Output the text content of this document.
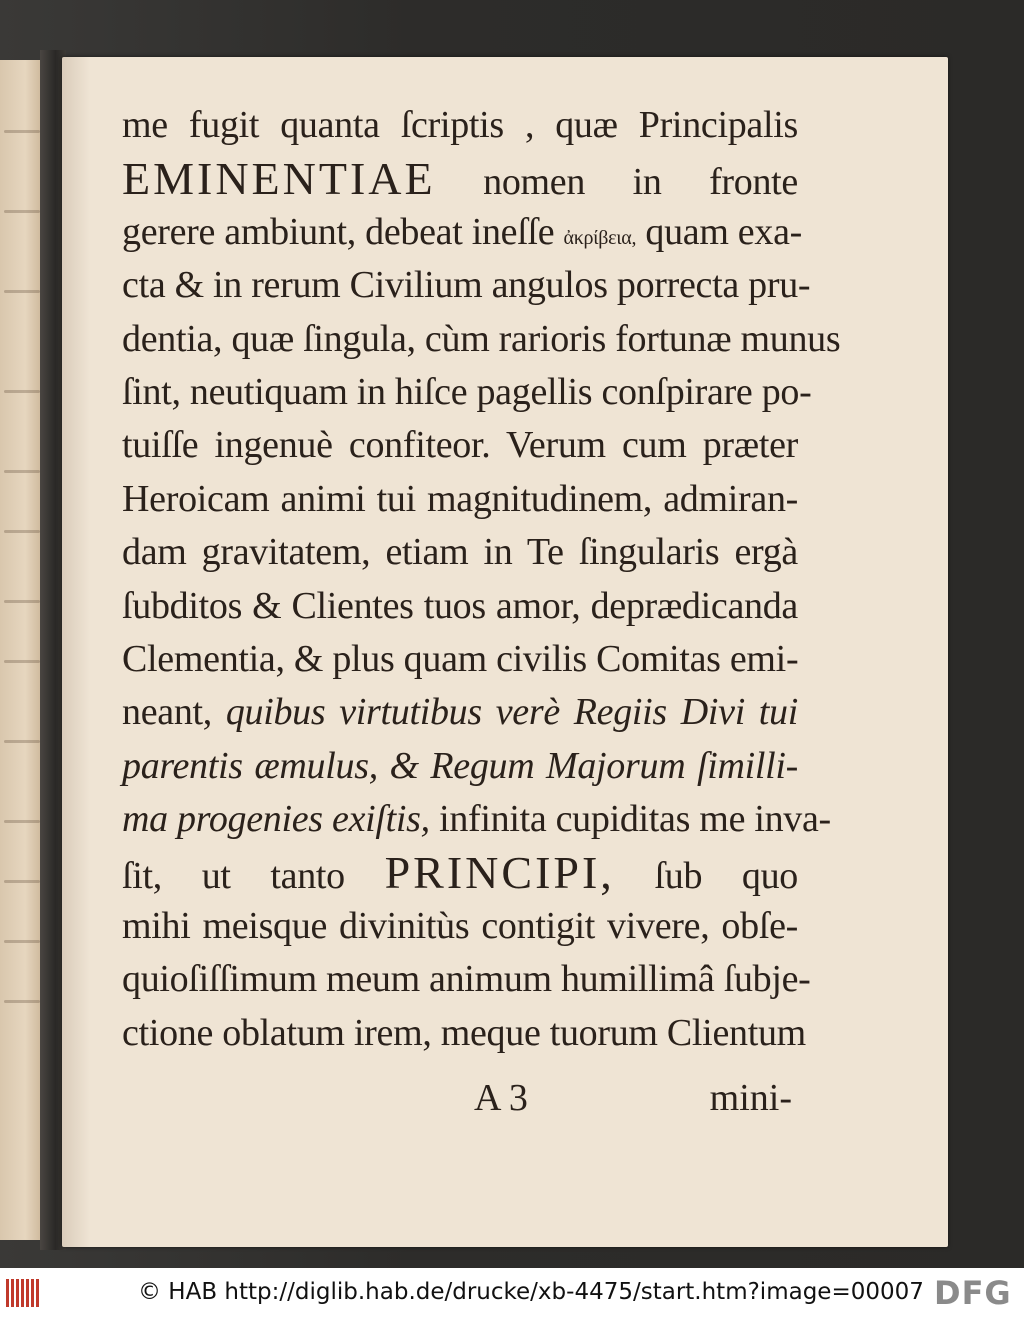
me fugit quanta ſcriptis , quæ Principalis
EMINENTIAE nomen in fronte
gerere ambiunt, debeat ineſſe ἀκρίβεια, quam exa-
cta & in rerum Civilium angulos porrecta pru-
dentia, quæ ſingula, cùm rarioris fortunæ munus
ſint, neutiquam in hiſce pagellis conſpirare po-
tuiſſe ingenuè confiteor. Verum cum præter
Heroicam animi tui magnitudinem, admiran-
dam gravitatem, etiam in Te ſingularis ergà
ſubditos & Clientes tuos amor, deprædicanda
Clementia, & plus quam civilis Comitas emi-
neant, quibus virtutibus verè Regiis Divi tui
parentis æmulus, & Regum Majorum ſimilli-
ma progenies exiſtis, infinita cupiditas me inva-
ſit, ut tanto PRINCIPI, ſub quo
mihi meisque divinitùs contigit vivere, obſe-
quioſiſſimum meum animum humillimâ ſubje-
ctione oblatum irem, meque tuorum Clientum
A 3	mini-
© HAB http://diglib.hab.de/drucke/xb-4475/start.htm?image=00007 DFG
